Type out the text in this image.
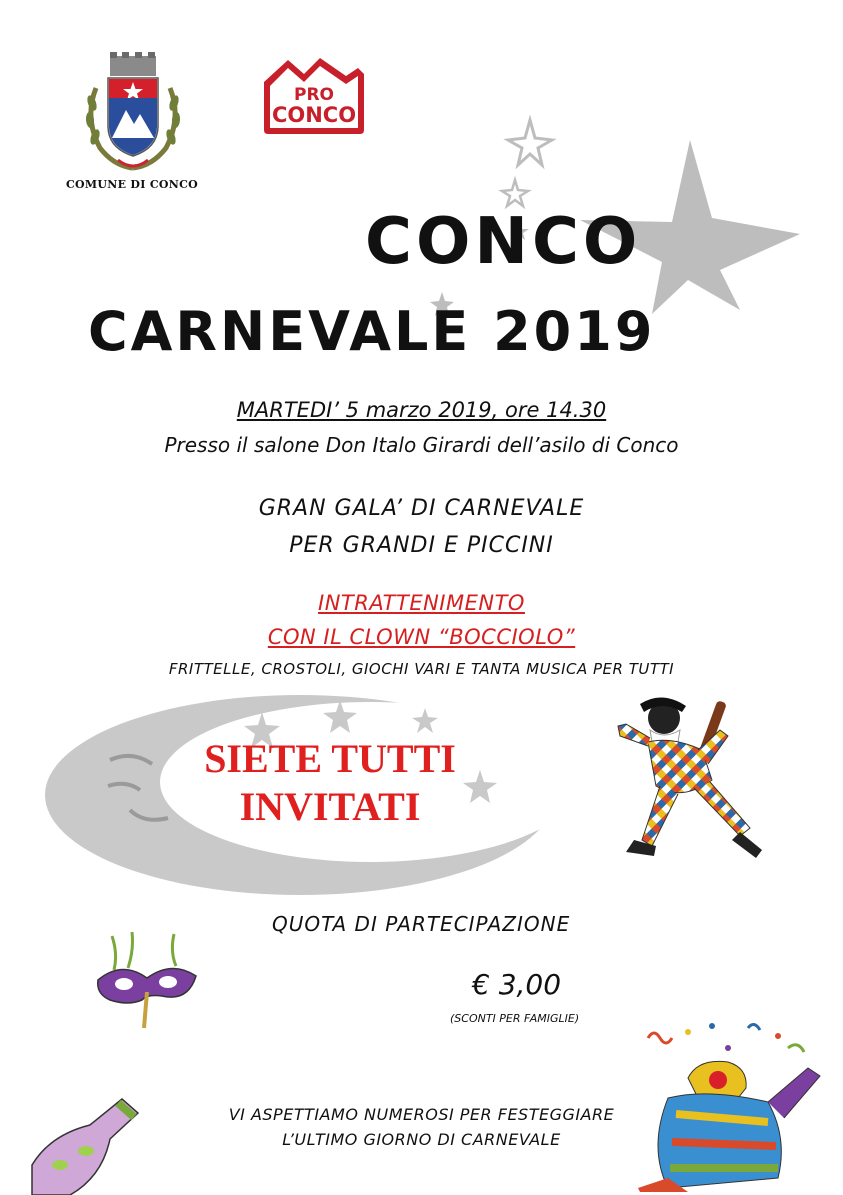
COMUNE DI CONCO
PRO
CONCO
CONCO
CARNEVALE 2019
MARTEDI’ 5 marzo 2019, ore 14.30
Presso il salone Don Italo Girardi dell’asilo di Conco
GRAN GALA’ DI CARNEVALE
PER GRANDI E PICCINI
INTRATTENIMENTO
CON IL CLOWN “BOCCIOLO”
FRITTELLE, CROSTOLI, GIOCHI VARI E TANTA MUSICA PER TUTTI
SIETE TUTTI
INVITATI
QUOTA DI PARTECIPAZIONE
€ 3,00
(SCONTI PER FAMIGLIE)
VI ASPETTIAMO NUMEROSI PER FESTEGGIARE
L’ULTIMO GIORNO DI CARNEVALE
